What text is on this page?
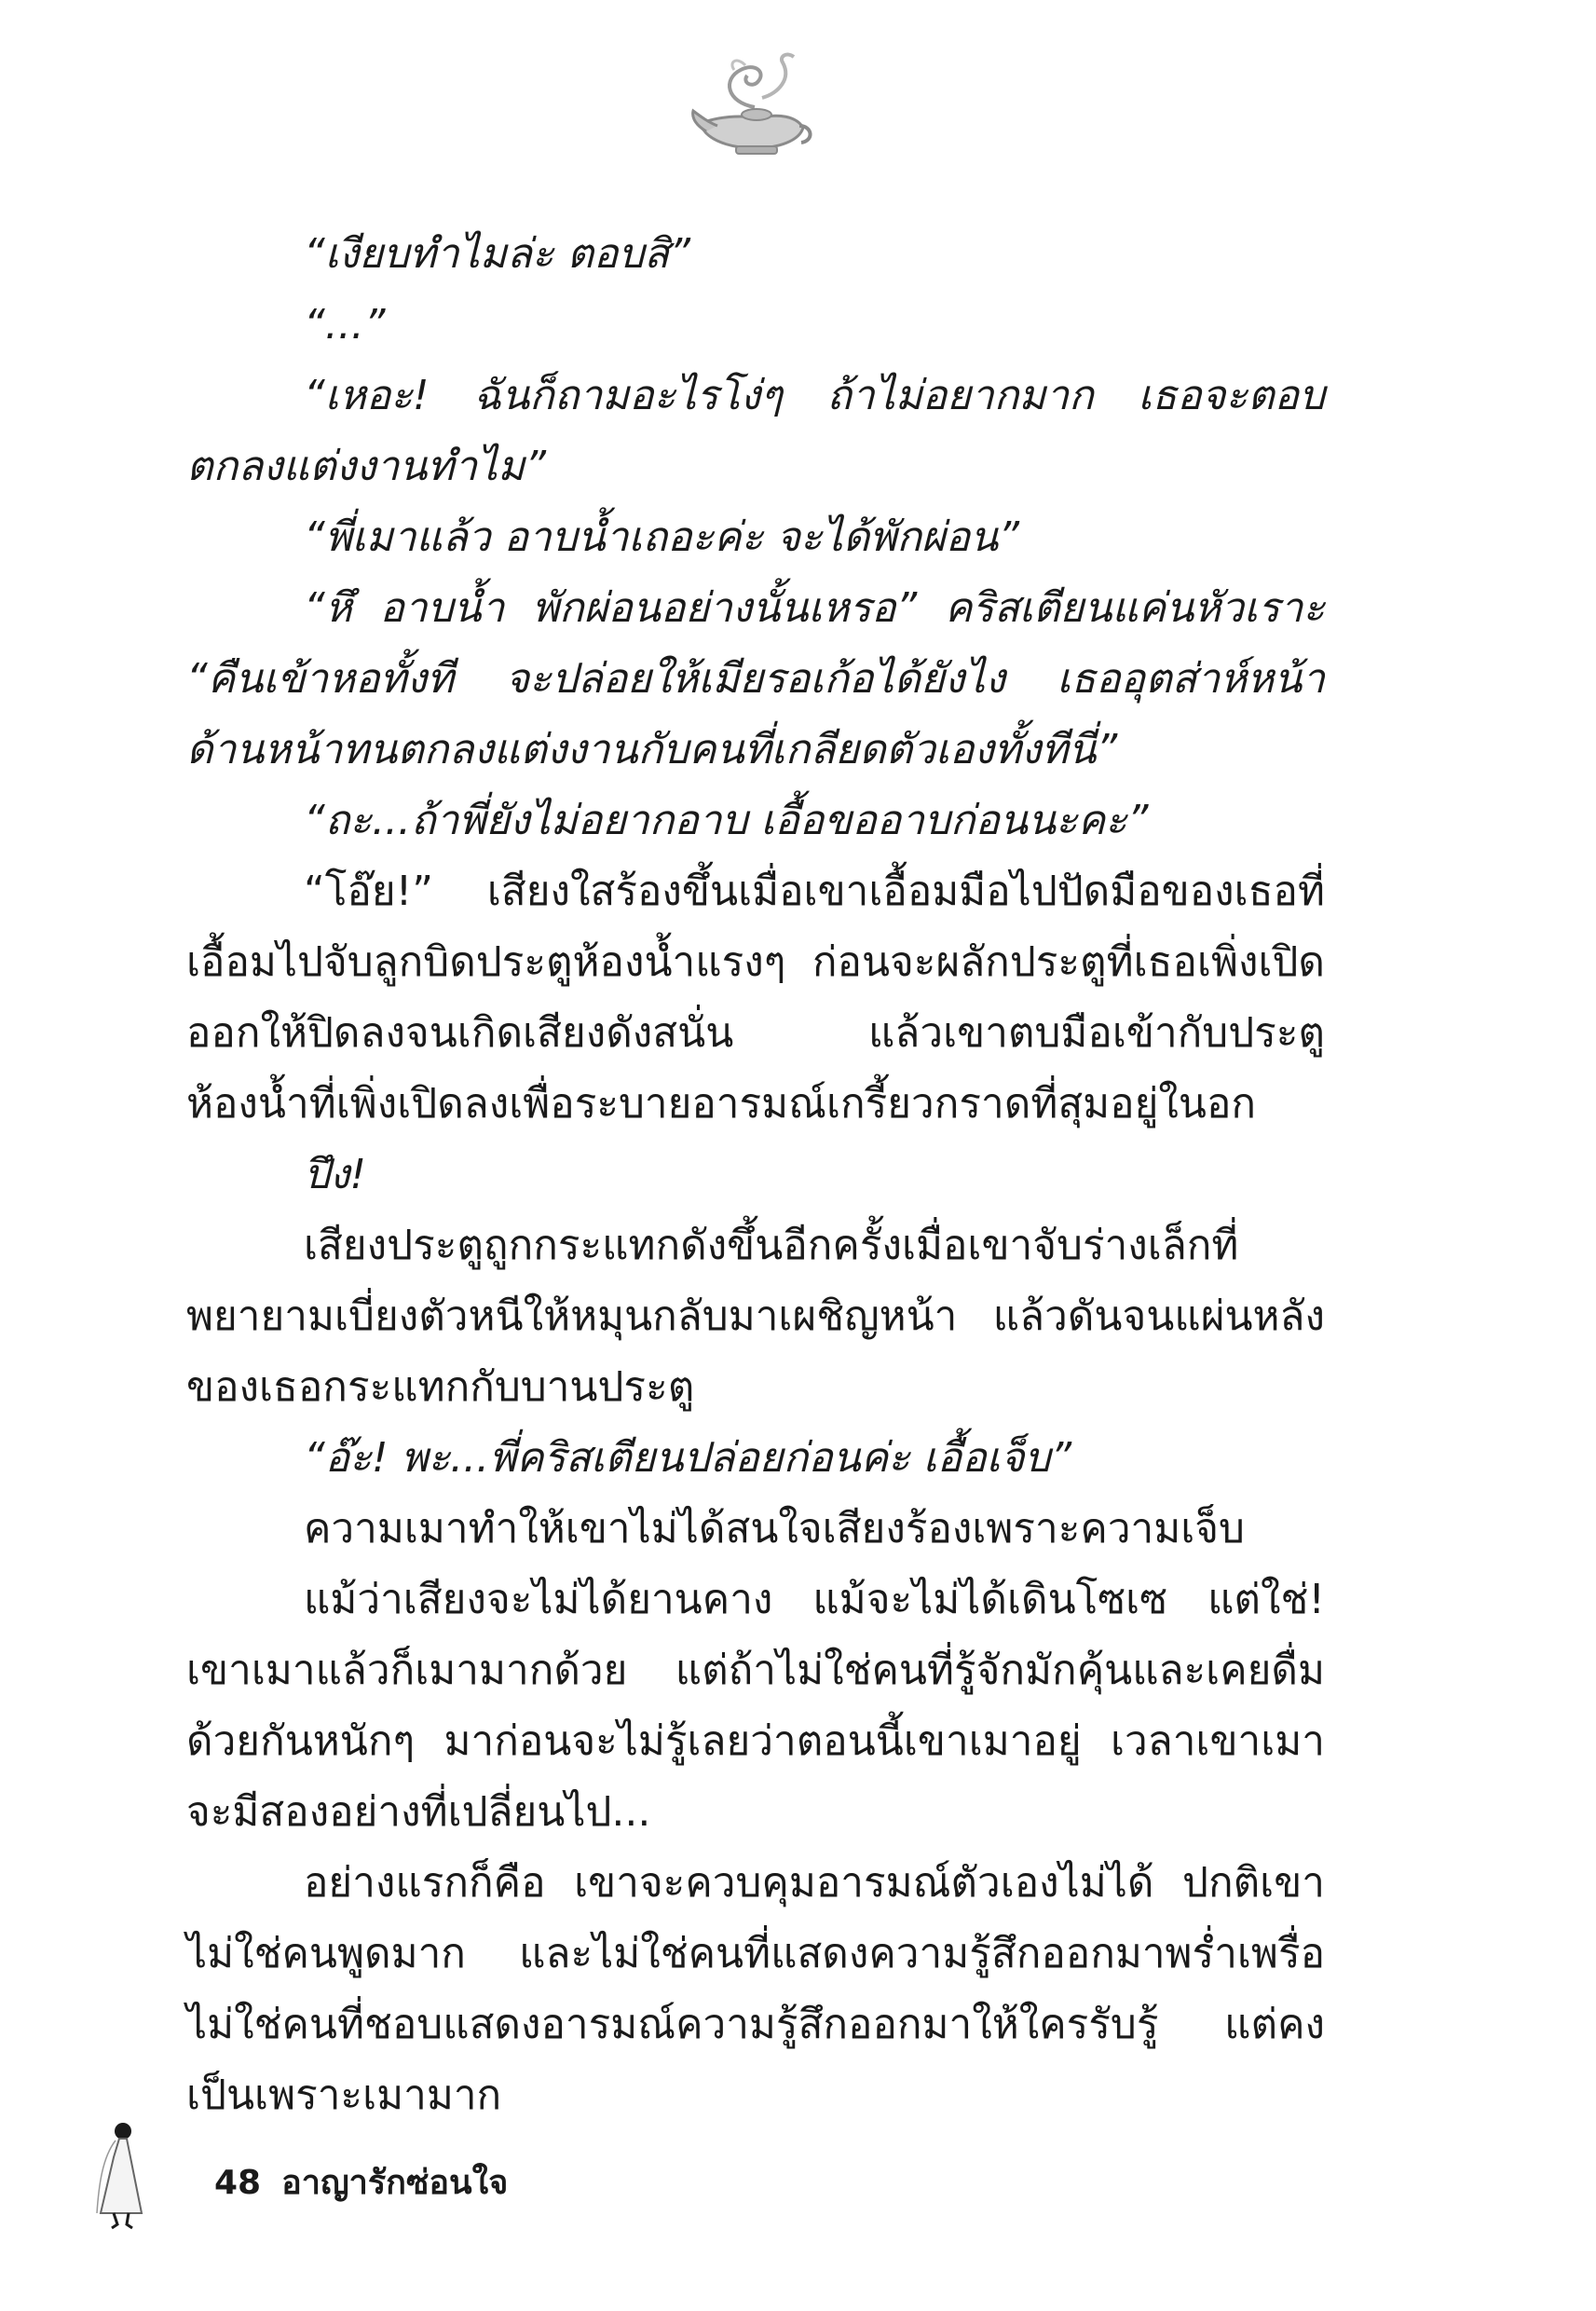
“เงียบทำไมล่ะ ตอบสิ”

“...”

“เหอะ! ฉันก็ถามอะไรโง่ๆ ถ้าไม่อยากมาก เธอจะตอบตกลงแต่งงานทำไม”

“พี่เมาแล้ว อาบน้ำเถอะค่ะ จะได้พักผ่อน”

“หึ อาบน้ำ พักผ่อนอย่างนั้นเหรอ” คริสเตียนแค่นหัวเราะ “คืนเข้าหอทั้งที จะปล่อยให้เมียรอเก้อได้ยังไง เธออุตส่าห์หน้าด้านหน้าทนตกลงแต่งงานกับคนที่เกลียดตัวเองทั้งทีนี่”

“ถะ...ถ้าพี่ยังไม่อยากอาบ เอื้อขออาบก่อนนะคะ”

“โอ๊ย!” เสียงใสร้องขึ้นเมื่อเขาเอื้อมมือไปปัดมือของเธอที่เอื้อมไปจับลูกบิดประตูห้องน้ำแรงๆ ก่อนจะผลักประตูที่เธอเพิ่งเปิดออกให้ปิดลงจนเกิดเสียงดังสนั่น แล้วเขาตบมือเข้ากับประตูห้องน้ำที่เพิ่งเปิดลงเพื่อระบายอารมณ์เกรี้ยวกราดที่สุมอยู่ในอก

ปึง!

เสียงประตูถูกกระแทกดังขึ้นอีกครั้งเมื่อเขาจับร่างเล็กที่พยายามเบี่ยงตัวหนีให้หมุนกลับมาเผชิญหน้า แล้วดันจนแผ่นหลังของเธอกระแทกกับบานประตู

“อ๊ะ! พะ...พี่คริสเตียนปล่อยก่อนค่ะ เอื้อเจ็บ”

ความเมาทำให้เขาไม่ได้สนใจเสียงร้องเพราะความเจ็บ

แม้ว่าเสียงจะไม่ได้ยานคาง แม้จะไม่ได้เดินโซเซ แต่ใช่! เขาเมาแล้วก็เมามากด้วย แต่ถ้าไม่ใช่คนที่รู้จักมักคุ้นและเคยดื่มด้วยกันหนักๆ มาก่อนจะไม่รู้เลยว่าตอนนี้เขาเมาอยู่ เวลาเขาเมา จะมีสองอย่างที่เปลี่ยนไป...

อย่างแรกก็คือ เขาจะควบคุมอารมณ์ตัวเองไม่ได้ ปกติเขาไม่ใช่คนพูดมาก และไม่ใช่คนที่แสดงความรู้สึกออกมาพร่ำเพรื่อ ไม่ใช่คนที่ชอบแสดงอารมณ์ความรู้สึกออกมาให้ใครรับรู้ แต่คงเป็นเพราะเมามาก

48 อาญารักซ่อนใจ
